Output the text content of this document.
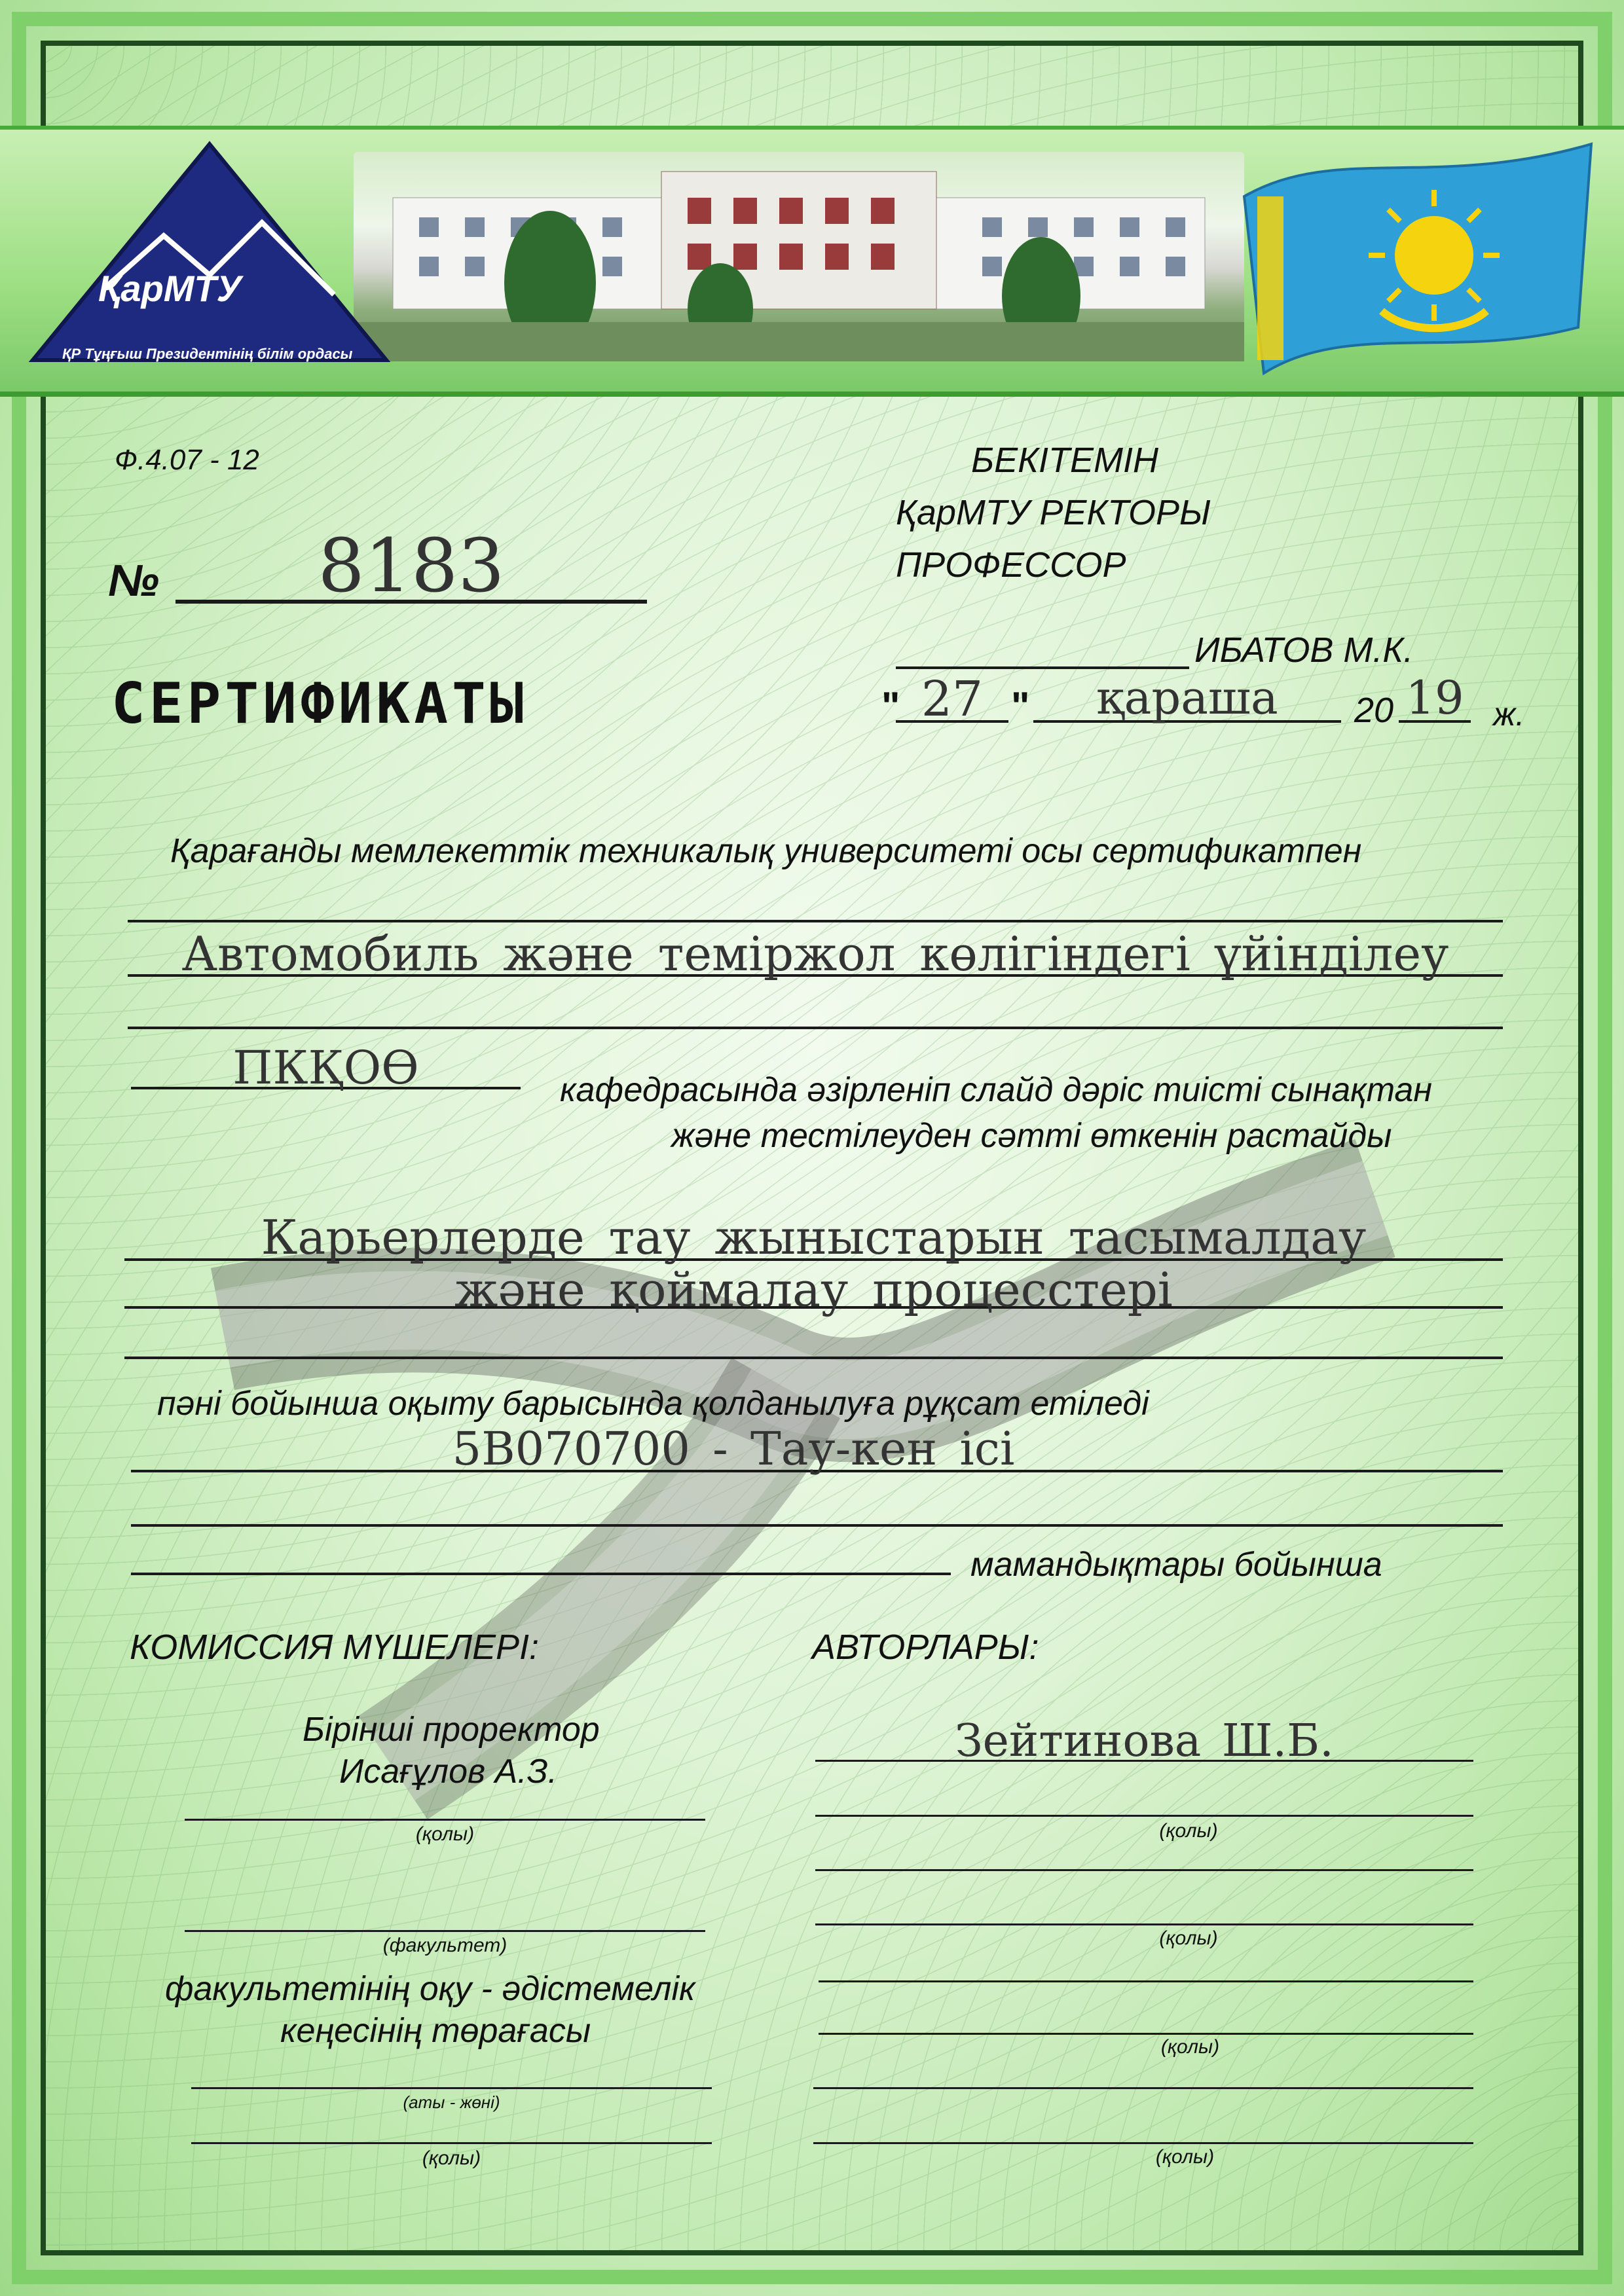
ҚарМТУ
ҚР Тұңғыш Президентінің білім ордасы
Ф.4.07 - 12	БЕКІТЕМІН
ҚарМТУ РЕКТОРЫ
ПРОФЕССОР
ИБАТОВ М.К.
" 27 "	қараша	20 19 ж.
№	8183
СЕРТИФИКАТЫ
Қарағанды мемлекеттік техникалық университеті осы сертификатпен
Автомобиль және теміржол көлігіндегі үйінділеу
ПКҚОӨ	кафедрасында әзірленіп слайд дәріс тиісті сынақтан
және тестілеуден сәтті өткенін растайды
Карьерлерде тау жыныстарын тасымалдау
және қоймалау процесстері
пәні бойынша оқыту барысында қолданылуға рұқсат етіледі
5В070700 - Тау-кен ісі
мамандықтары бойынша
КОМИССИЯ МҮШЕЛЕРІ:
Бірінші проректор
Исағұлов А.З.
(қолы)
(факультет)
факультетінің оқу - әдістемелік
кеңесінің төрағасы
(аты - жөні)
(қолы)
АВТОРЛАРЫ:
Зейтинова Ш.Б.
(қолы)
(қолы)
(қолы)
(қолы)
